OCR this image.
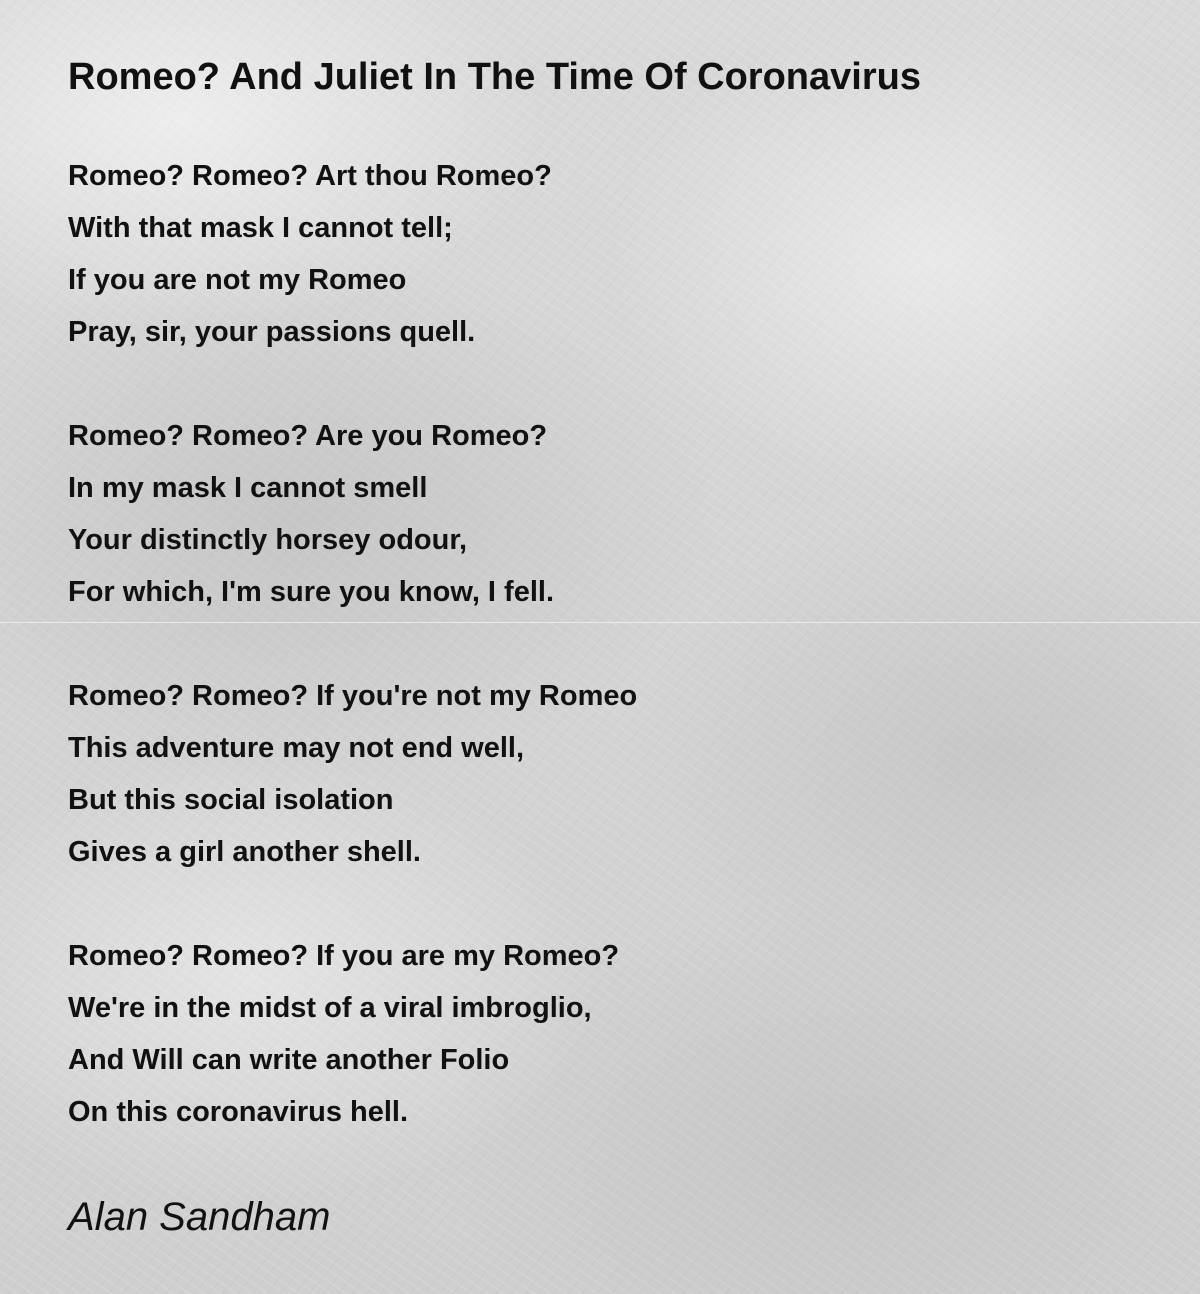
Romeo? And Juliet In The Time Of Coronavirus
Romeo? Romeo? Art thou Romeo?
With that mask I cannot tell;
If you are not my Romeo
Pray, sir, your passions quell.
Romeo? Romeo? Are you Romeo?
In my mask I cannot smell
Your distinctly horsey odour,
For which, I'm sure you know, I fell.
Romeo? Romeo? If you're not my Romeo
This adventure may not end well,
But this social isolation
Gives a girl another shell.
Romeo? Romeo? If you are my Romeo?
We're in the midst of a viral imbroglio,
And Will can write another Folio
On this coronavirus hell.

Alan Sandham
